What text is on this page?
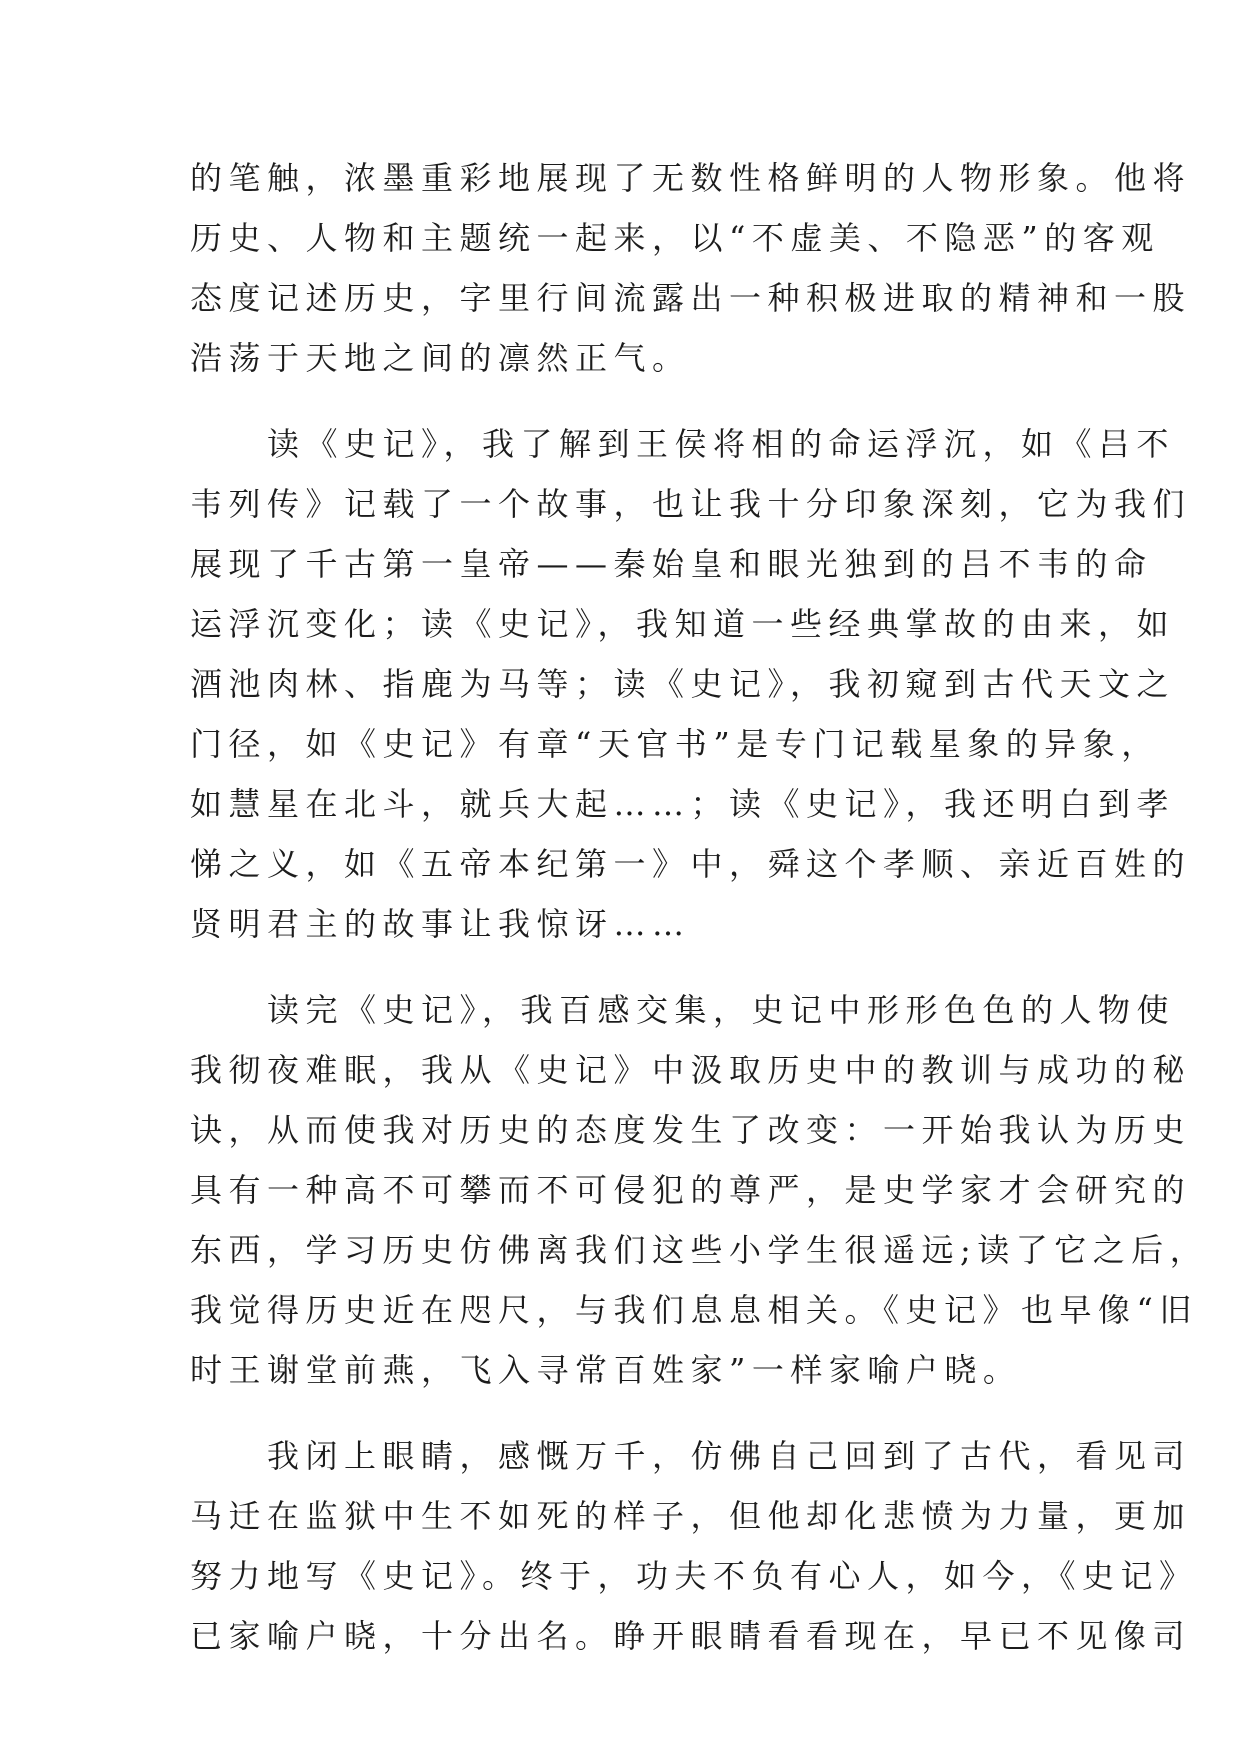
的笔触，浓墨重彩地展现了无数性格鲜明的人物形象。他将
历史、人物和主题统一起来，以“不虚美、不隐恶”的客观
态度记述历史，字里行间流露出一种积极进取的精神和一股
浩荡于天地之间的凛然正气。
　　读《史记》，我了解到王侯将相的命运浮沉，如《吕不
韦列传》记载了一个故事，也让我十分印象深刻，它为我们
展现了千古第一皇帝——秦始皇和眼光独到的吕不韦的命
运浮沉变化；读《史记》，我知道一些经典掌故的由来，如
酒池肉林、指鹿为马等；读《史记》，我初窥到古代天文之
门径，如《史记》有章“天官书”是专门记载星象的异象，
如慧星在北斗，就兵大起……；读《史记》，我还明白到孝
悌之义，如《五帝本纪第一》中，舜这个孝顺、亲近百姓的
贤明君主的故事让我惊讶……
　　读完《史记》，我百感交集，史记中形形色色的人物使
我彻夜难眠，我从《史记》中汲取历史中的教训与成功的秘
诀，从而使我对历史的态度发生了改变：一开始我认为历史
具有一种高不可攀而不可侵犯的尊严，是史学家才会研究的
东西，学习历史仿佛离我们这些小学生很遥远;读了它之后，
我觉得历史近在咫尺，与我们息息相关。《史记》也早像“旧
时王谢堂前燕，飞入寻常百姓家”一样家喻户晓。
　　我闭上眼睛，感慨万千，仿佛自己回到了古代，看见司
马迁在监狱中生不如死的样子，但他却化悲愤为力量，更加
努力地写《史记》。终于，功夫不负有心人，如今，《史记》
已家喻户晓，十分出名。睁开眼睛看看现在，早已不见像司
